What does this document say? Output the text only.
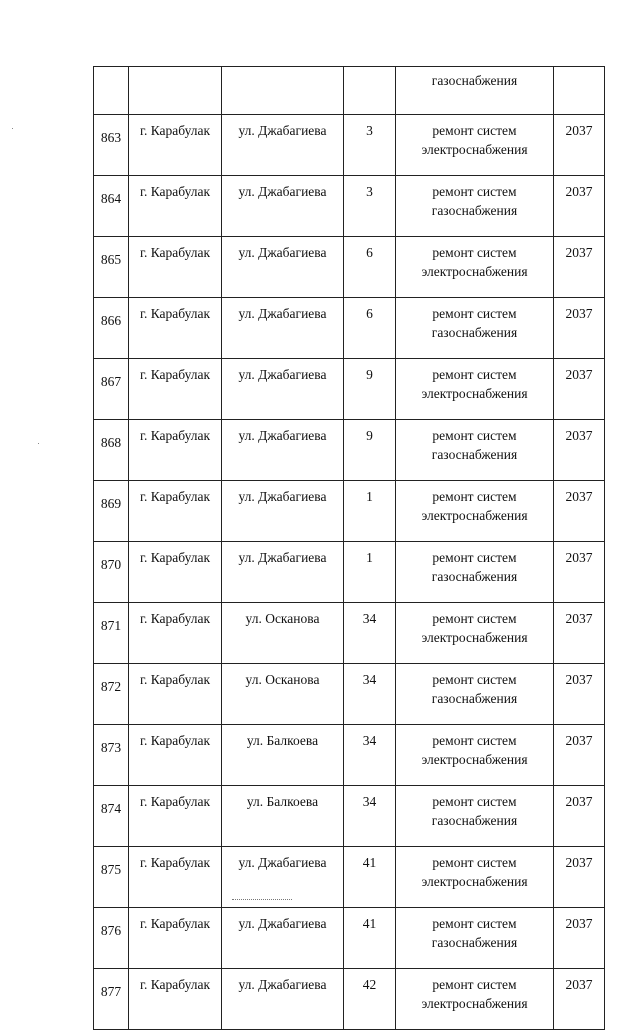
				газоснабжения	

863	г. Карабулак	ул. Джабагиева	3	ремонт систем
электроснабжения	2037
864	г. Карабулак	ул. Джабагиева	3	ремонт систем
газоснабжения	2037
865	г. Карабулак	ул. Джабагиева	6	ремонт систем
электроснабжения	2037
866	г. Карабулак	ул. Джабагиева	6	ремонт систем
газоснабжения	2037
867	г. Карабулак	ул. Джабагиева	9	ремонт систем
электроснабжения	2037
868	г. Карабулак	ул. Джабагиева	9	ремонт систем
газоснабжения	2037
869	г. Карабулак	ул. Джабагиева	1	ремонт систем
электроснабжения	2037
870	г. Карабулак	ул. Джабагиева	1	ремонт систем
газоснабжения	2037
871	г. Карабулак	ул. Осканова	34	ремонт систем
электроснабжения	2037
872	г. Карабулак	ул. Осканова	34	ремонт систем
газоснабжения	2037
873	г. Карабулак	ул. Балкоева	34	ремонт систем
электроснабжения	2037
874	г. Карабулак	ул. Балкоева	34	ремонт систем
газоснабжения	2037
875	г. Карабулак	ул. Джабагиева	41	ремонт систем
электроснабжения	2037
876	г. Карабулак	ул. Джабагиева	41	ремонт систем
газоснабжения	2037
877	г. Карабулак	ул. Джабагиева	42	ремонт систем
электроснабжения	2037
